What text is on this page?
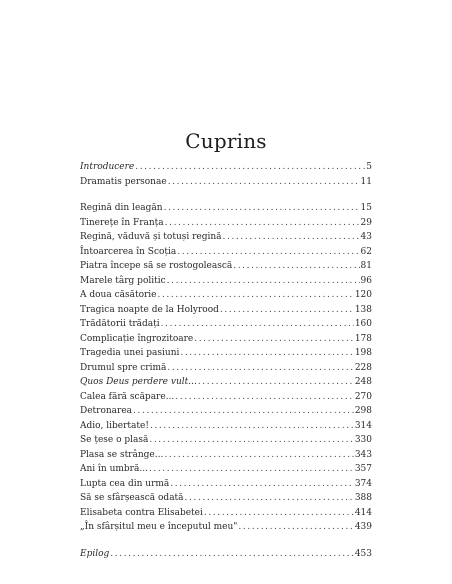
Cuprins
Introducere .....	5
Dramatis personae .....	11
Regină din leagăn .....	15
Tinerețe în Franța .....	29
Regină, văduvă și totuși regină .....	43
Întoarcerea în Scoția .....	62
Piatra începe să se rostogolească .....	81
Marele târg politic .....	96
A doua căsătorie .....	120
Tragica noapte de la Holyrood .....	138
Trădătorii trădați .....	160
Complicație îngrozitoare .....	178
Tragedia unei pasiuni .....	198
Drumul spre crimă .....	228
Quos Deus perdere vult... .....	248
Calea fără scăpare... .....	270
Detronarea .....	298
Adio, libertate! .....	314
Se țese o plasă .....	330
Plasa se strânge... .....	343
Ani în umbră... .....	357
Lupta cea din urmă .....	374
Să se sfârșească odată .....	388
Elisabeta contra Elisabetei .....	414
„În sfârșitul meu e începutul meu" .....	439
Epilog .....	453
